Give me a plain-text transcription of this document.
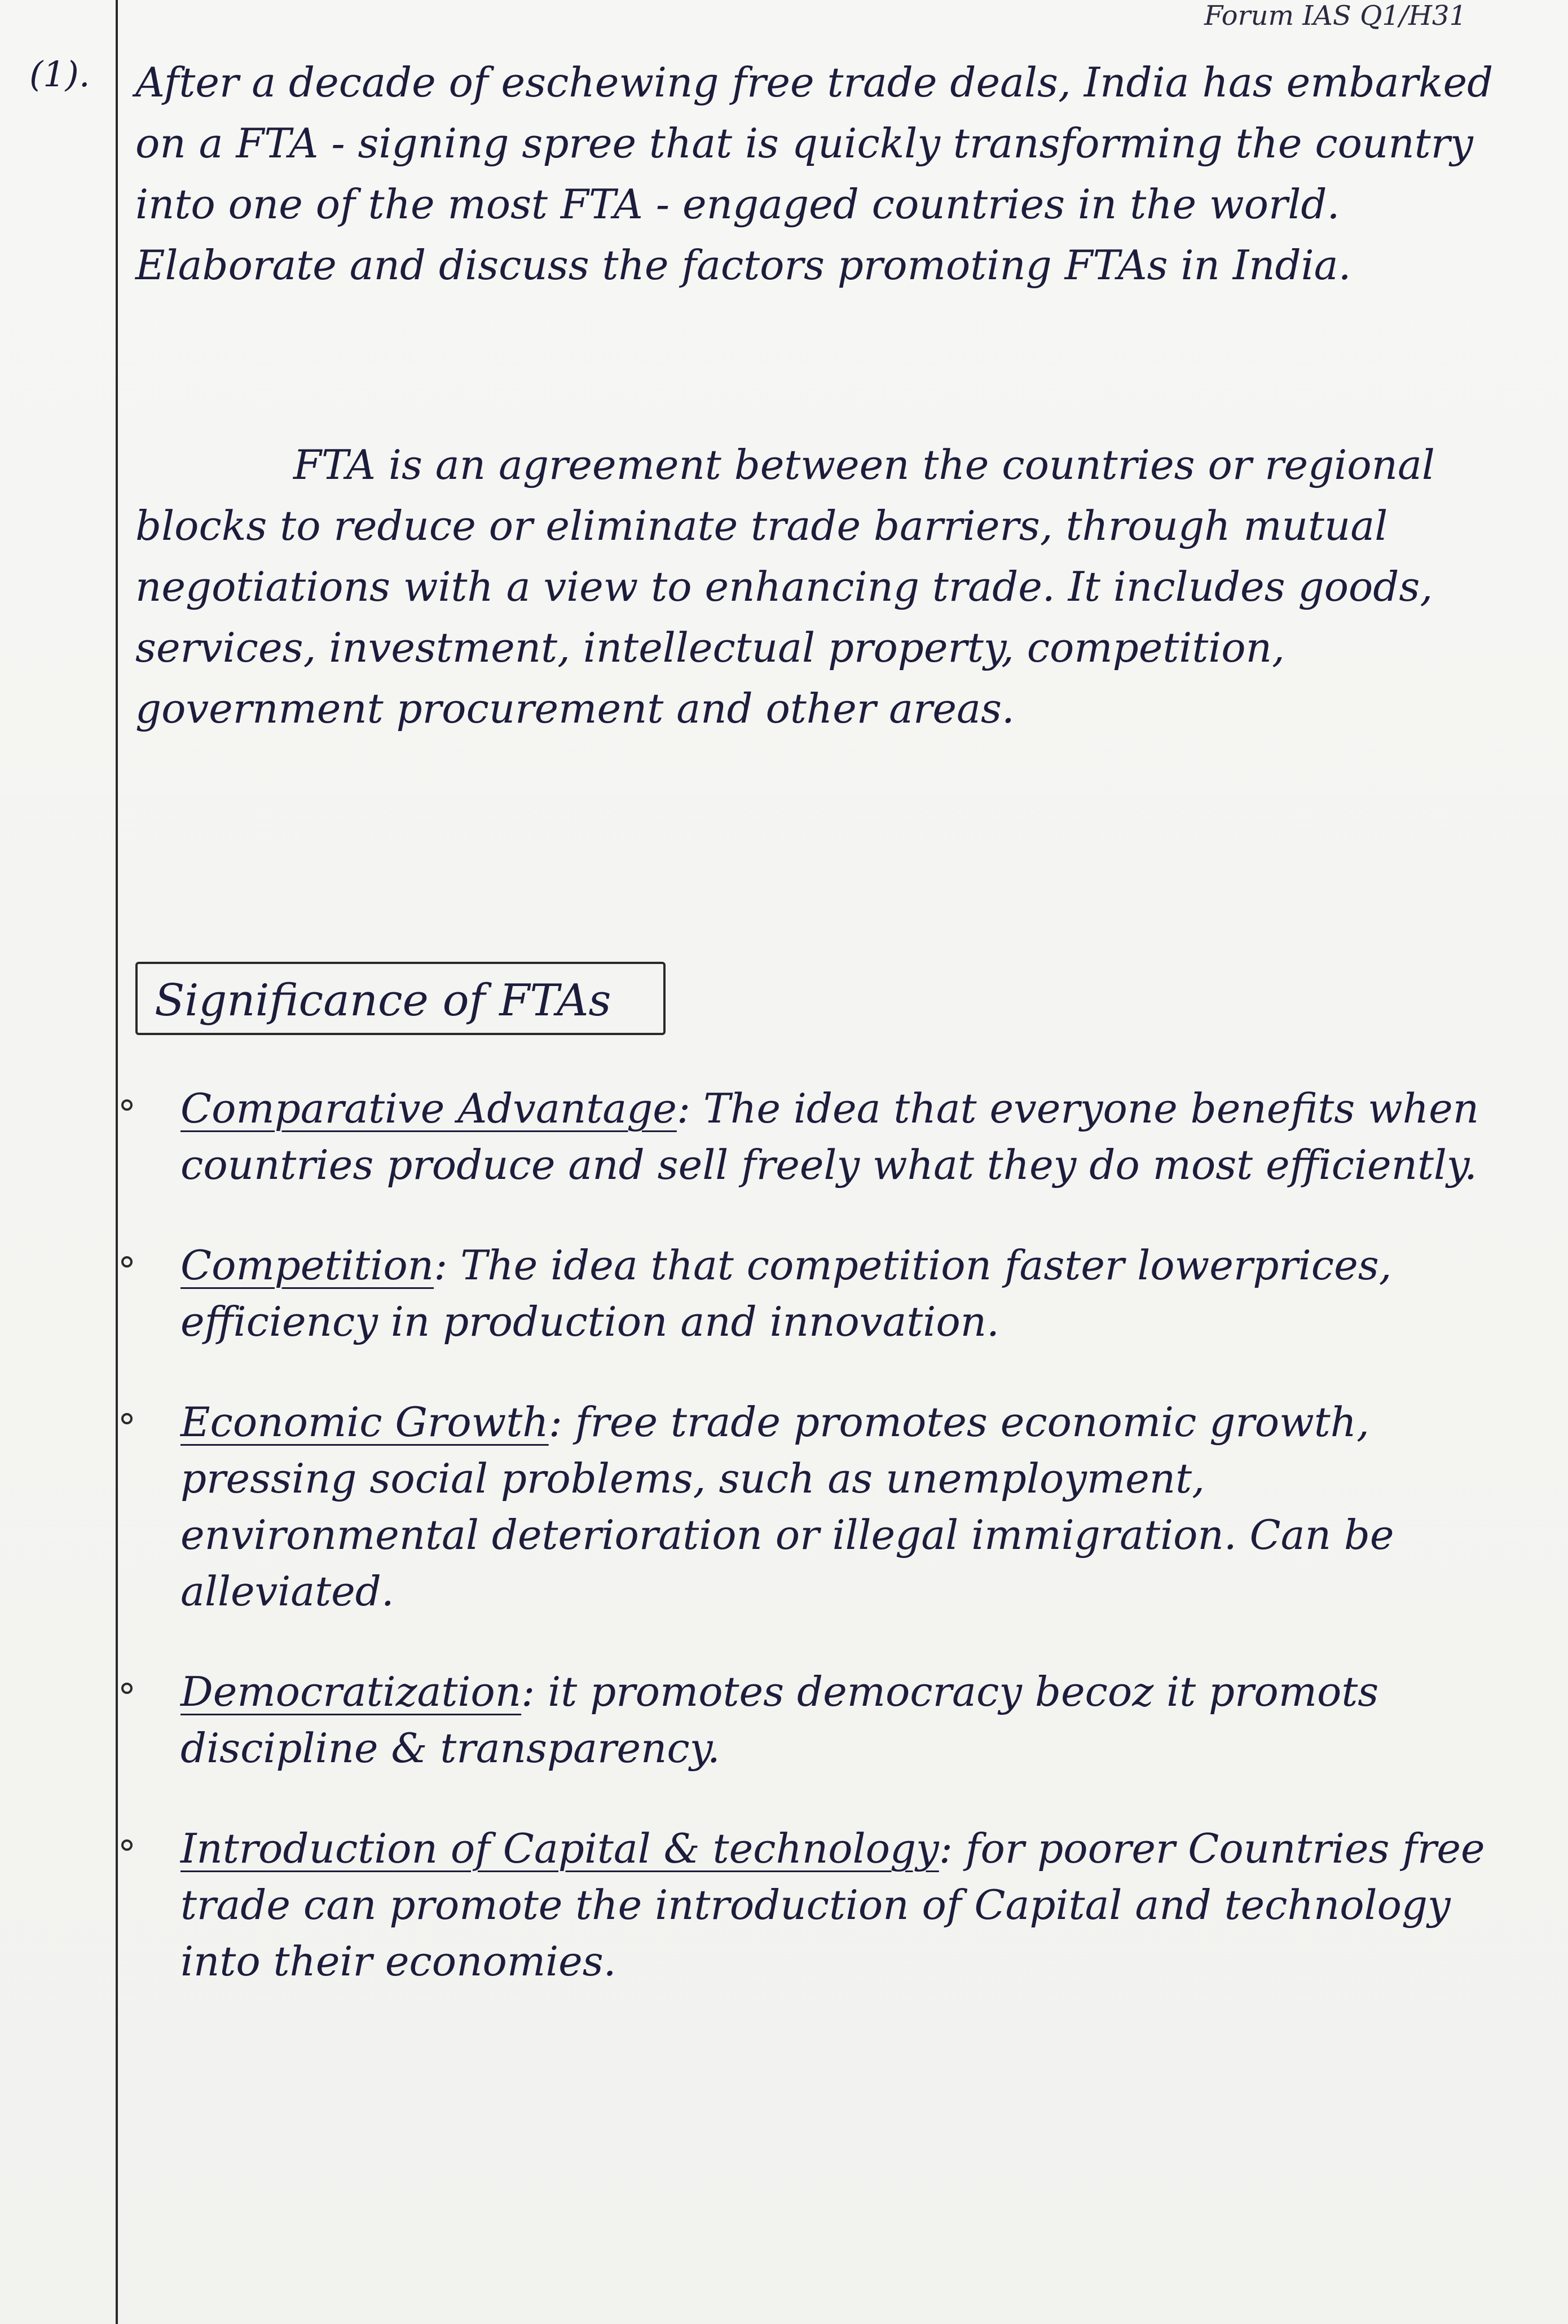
Forum IAS Q1/H31
(1).	After a decade of eschewing free trade deals, India has embarked on a FTA - signing spree that is quickly transforming the country into one of the most FTA - engaged countries in the world. Elaborate and discuss the factors promoting FTAs in India.
FTA is an agreement between the countries or regional blocks to reduce or eliminate trade barriers, through mutual negotiations with a view to enhancing trade. It includes goods, services, investment, intellectual property, competition, government procurement and other areas.
Significance of FTAs
Comparative Advantage: The idea that everyone benefits when countries produce and sell freely what they do most efficiently.
Competition: The idea that competition faster lowerprices, efficiency in production and innovation.
Economic Growth: free trade promotes economic growth, pressing social problems, such as unemployment, environmental deterioration or illegal immigration. Can be alleviated.
Democratization: it promotes democracy becoz it promots discipline & transparency.
Introduction of Capital & technology: for poorer Countries free trade can promote the introduction of Capital and technology into their economies.
